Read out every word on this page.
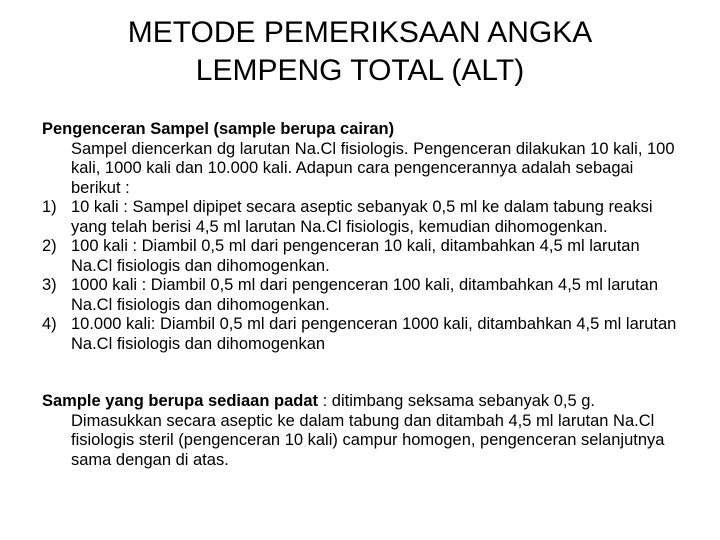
METODE PEMERIKSAAN ANGKA
LEMPENG TOTAL (ALT)
Pengenceran Sampel (sample berupa cairan)

Sampel diencerkan dg larutan Na.Cl fisiologis. Pengenceran dilakukan 10 kali, 100 kali, 1000 kali dan 10.000 kali. Adapun cara pengencerannya adalah sebagai berikut :

1) 10 kali : Sampel dipipet secara aseptic sebanyak 0,5 ml ke dalam tabung reaksi yang telah berisi 4,5 ml larutan Na.Cl fisiologis, kemudian dihomogenkan.
2) 100 kali : Diambil 0,5 ml dari pengenceran 10 kali, ditambahkan 4,5 ml larutan Na.Cl fisiologis dan dihomogenkan.
3) 1000 kali : Diambil 0,5 ml dari pengenceran 100 kali, ditambahkan 4,5 ml larutan Na.Cl fisiologis dan dihomogenkan.
4) 10.000 kali: Diambil 0,5 ml dari pengenceran 1000 kali, ditambahkan 4,5 ml larutan Na.Cl fisiologis dan dihomogenkan
Sample yang berupa sediaan padat : ditimbang seksama sebanyak 0,5 g. Dimasukkan secara aseptic ke dalam tabung dan ditambah 4,5 ml larutan Na.Cl fisiologis steril (pengenceran 10 kali) campur homogen, pengenceran selanjutnya sama dengan di atas.
